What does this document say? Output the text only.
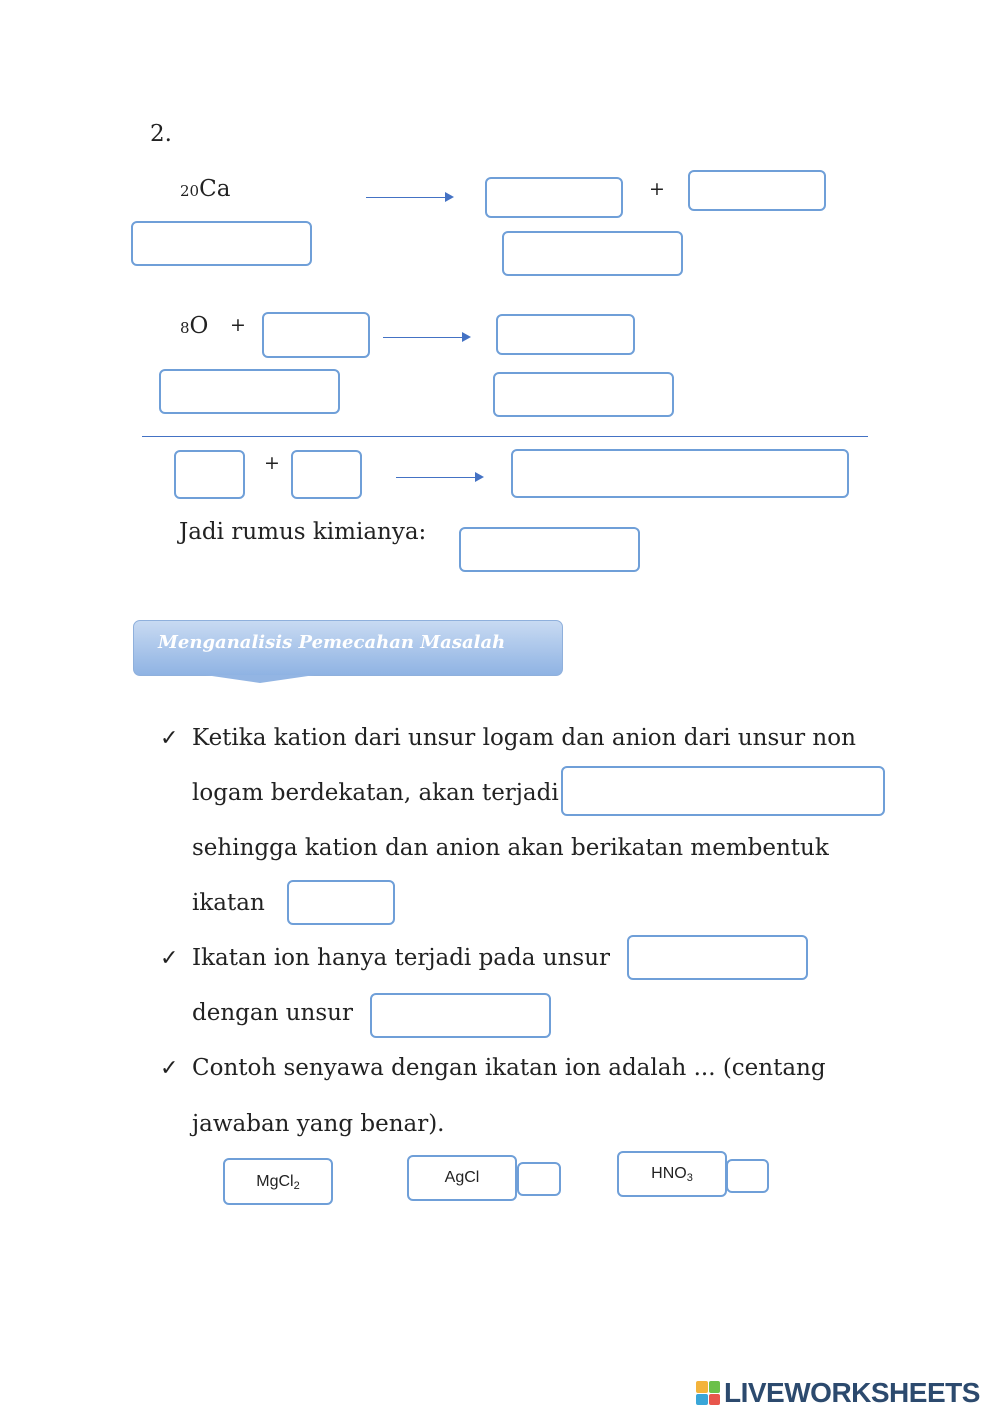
2.
20Ca	+
8O +
+
Jadi rumus kimianya:
Menganalisis Pemecahan Masalah
✓ Ketika kation dari unsur logam dan anion dari unsur non
logam berdekatan, akan terjadi
sehingga kation dan anion akan berikatan membentuk
ikatan
✓ Ikatan ion hanya terjadi pada unsur
dengan unsur
✓ Contoh senyawa dengan ikatan ion adalah ... (centang
jawaban yang benar).
MgCl 2	AgCl	HNO 3
LIVEWORKSHEETS
